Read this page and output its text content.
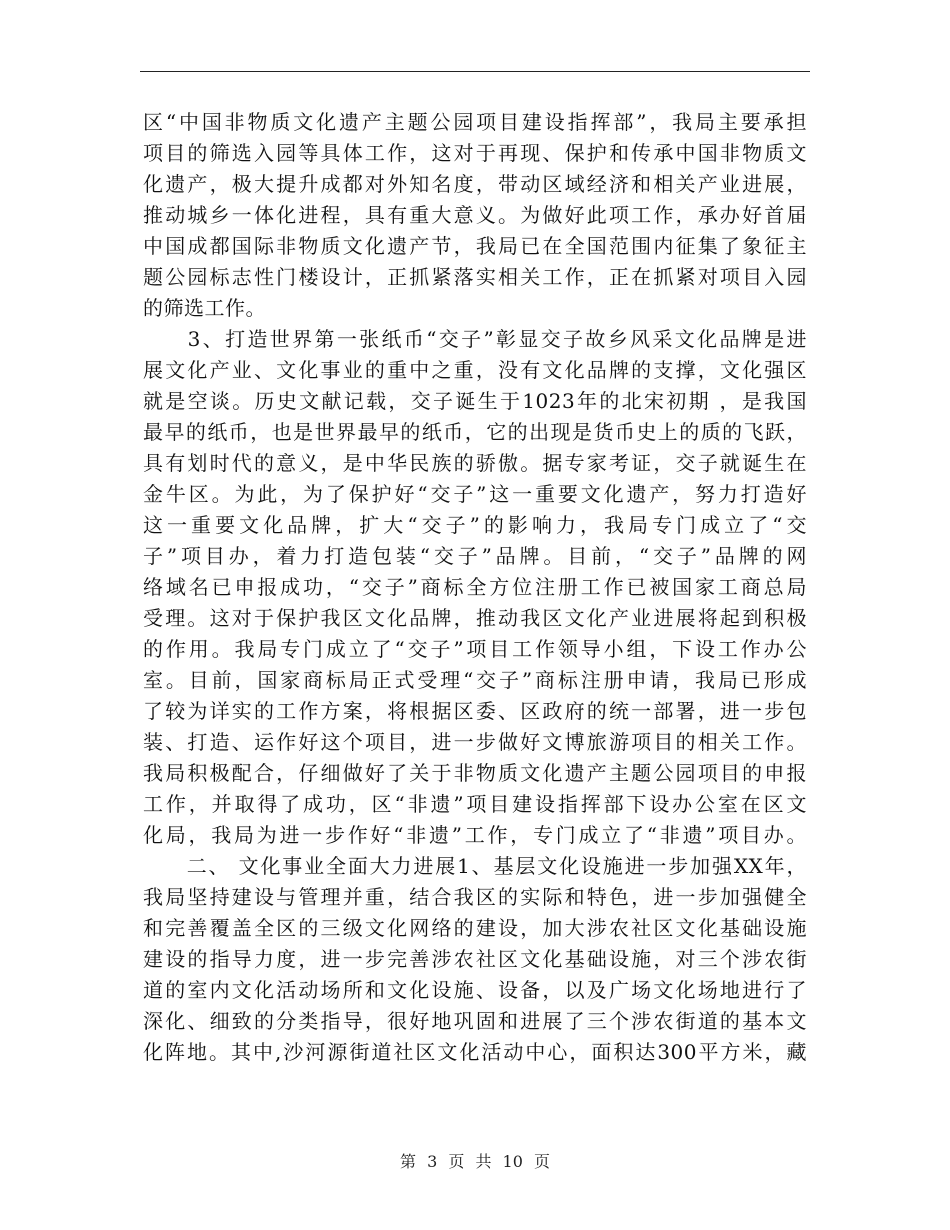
区“中国非物质文化遗产主题公园项目建设指挥部”，我局主要承担
项目的筛选入园等具体工作，这对于再现、保护和传承中国非物质文
化遗产，极大提升成都对外知名度，带动区域经济和相关产业进展，
推动城乡一体化进程，具有重大意义。为做好此项工作，承办好首届
中国成都国际非物质文化遗产节，我局已在全国范围内征集了象征主
题公园标志性门楼设计，正抓紧落实相关工作，正在抓紧对项目入园
的筛选工作。
　　3、打造世界第一张纸币“交子”彰显交子故乡风采文化品牌是进
展文化产业、文化事业的重中之重，没有文化品牌的支撑，文化强区
就是空谈。历史文献记载，交子诞生于1023年的北宋初期 ，是我国
最早的纸币，也是世界最早的纸币，它的出现是货币史上的质的飞跃，
具有划时代的意义，是中华民族的骄傲。据专家考证，交子就诞生在
金牛区。为此，为了保护好“交子”这一重要文化遗产，努力打造好
这一重要文化品牌，扩大“交子”的影响力，我局专门成立了“交
子”项目办，着力打造包装“交子”品牌。目前，“交子”品牌的网
络域名已申报成功，“交子”商标全方位注册工作已被国家工商总局
受理。这对于保护我区文化品牌，推动我区文化产业进展将起到积极
的作用。我局专门成立了“交子”项目工作领导小组，下设工作办公
室。目前，国家商标局正式受理“交子”商标注册申请，我局已形成
了较为详实的工作方案，将根据区委、区政府的统一部署，进一步包
装、打造、运作好这个项目，进一步做好文博旅游项目的相关工作。
我局积极配合，仔细做好了关于非物质文化遗产主题公园项目的申报
工作，并取得了成功，区“非遗”项目建设指挥部下设办公室在区文
化局，我局为进一步作好“非遗”工作，专门成立了“非遗”项目办。
　　二、 文化事业全面大力进展1、基层文化设施进一步加强XX年，
我局坚持建设与管理并重，结合我区的实际和特色，进一步加强健全
和完善覆盖全区的三级文化网络的建设，加大涉农社区文化基础设施
建设的指导力度，进一步完善涉农社区文化基础设施，对三个涉农街
道的室内文化活动场所和文化设施、设备，以及广场文化场地进行了
深化、细致的分类指导，很好地巩固和进展了三个涉农街道的基本文
化阵地。其中,沙河源街道社区文化活动中心，面积达300平方米，藏
第 3 页 共 10 页
